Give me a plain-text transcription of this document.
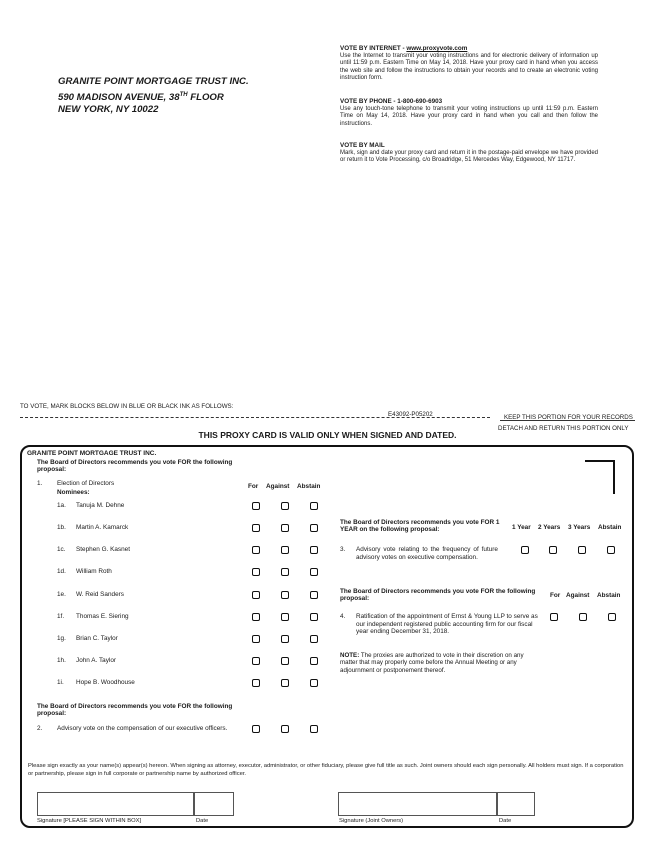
GRANITE POINT MORTGAGE TRUST INC.
590 MADISON AVENUE, 38TH FLOOR
NEW YORK, NY 10022
VOTE BY INTERNET - www.proxyvote.com
Use the Internet to transmit your voting instructions and for electronic delivery of information up until 11:59 p.m. Eastern Time on May 14, 2018. Have your proxy card in hand when you access the web site and follow the instructions to obtain your records and to create an electronic voting instruction form.
VOTE BY PHONE - 1-800-690-6903
Use any touch-tone telephone to transmit your voting instructions up until 11:59 p.m. Eastern Time on May 14, 2018. Have your proxy card in hand when you call and then follow the instructions.
VOTE BY MAIL
Mark, sign and date your proxy card and return it in the postage-paid envelope we have provided or return it to Vote Processing, c/o Broadridge, 51 Mercedes Way, Edgewood, NY 11717.
TO VOTE, MARK BLOCKS BELOW IN BLUE OR BLACK INK AS FOLLOWS:
E43092-P05202	KEEP THIS PORTION FOR YOUR RECORDS
DETACH AND RETURN THIS PORTION ONLY
THIS PROXY CARD IS VALID ONLY WHEN SIGNED AND DATED.
GRANITE POINT MORTGAGE TRUST INC.
The Board of Directors recommends you vote FOR the following proposal:
1. Election of Directors
Nominees:
For Against Abstain
1a. Tanuja M. Dehne
1b. Martin A. Kamarck
1c. Stephen G. Kasnet
1d. William Roth
1e. W. Reid Sanders
1f. Thomas E. Siering
1g. Brian C. Taylor
1h. John A. Taylor
1i. Hope B. Woodhouse
The Board of Directors recommends you vote FOR the following proposal:
2. Advisory vote on the compensation of our executive officers.
The Board of Directors recommends you vote FOR 1 YEAR on the following proposal:	1 Year 2 Years 3 Years Abstain
3. Advisory vote relating to the frequency of future advisory votes on executive compensation.
The Board of Directors recommends you vote FOR the following proposal:	For Against Abstain
4. Ratification of the appointment of Ernst & Young LLP to serve as our independent registered public accounting firm for our fiscal year ending December 31, 2018.
NOTE: The proxies are authorized to vote in their discretion on any matter that may properly come before the Annual Meeting or any adjournment or postponement thereof.
Please sign exactly as your name(s) appear(s) hereon. When signing as attorney, executor, administrator, or other fiduciary, please give full title as such. Joint owners should each sign personally. All holders must sign. If a corporation or partnership, please sign in full corporate or partnership name by authorized officer.
Signature [PLEASE SIGN WITHIN BOX]	Date	Signature (Joint Owners)	Date
